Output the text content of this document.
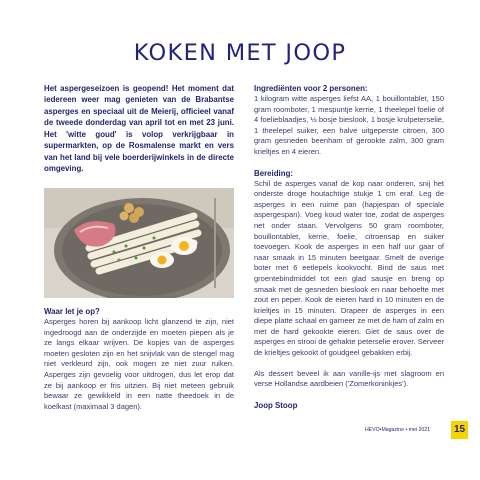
KOKEN MET JOOP

Het aspergeseizoen is geopend! Het moment dat iedereen weer mag genieten van de Brabantse asperges en speciaal uit de Meierij, officieel vanaf de tweede donderdag van april tot en met 23 juni. Het 'witte goud' is volop verkrijgbaar in supermarkten, op de Rosmalense markt en vers van het land bij vele boerderijwinkels in de directe omgeving.

Waar let je op?

Asperges horen bij aankoop licht glanzend te zijn, niet ingedroogd aan de onderzijde en moeten piepen als je ze langs elkaar wrijven. De kopjes van de asperges moeten gesloten zijn en het snijvlak van de stengel mag niet verkleurd zijn, ook mogen ze niet zuur ruiken. Asperges zijn gevoelig voor uitdrogen, dus let erop dat ze bij aankoop er fris uitzien. Bij niet meteen gebruik bewaar ze gewikkeld in een natte theedoek in de koelkast (maximaal 3 dagen).

Ingrediënten voor 2 personen:

1 kilogram witte asperges liefst AA, 1 bouillontablet, 150 gram roomboter, 1 mespuntje kerrie, 1 theelepel foelie of 4 foelieblaadjes, ½ bosje bieslook, 1 bosje krulpeterselie, 1 theelepel suiker, een halve uitgeperste citroen, 300 gram gesneden beenham of gerookte zalm, 300 gram krieltjes en 4 eieren.

Bereiding:

Schil de asperges vanaf de kop naar onderen, snij het onderste droge houtachtige stukje 1 cm eraf. Leg de asperges in een ruime pan (hapjespan of speciale aspergespan). Voeg koud water toe, zodat de asperges net onder staan. Vervolgens 50 gram roomboter, bouillontablet, kerrie, foelie, citroensap en suiker toevoegen. Kook de asperges in een half uur gaar of naar smaak in 15 minuten beetgaar. Smelt de overige boter met 6 eetlepels kookvocht. Bind de saus met groentebindmiddel tot een glad sausje en breng op smaak met de gesneden bieslook en naar behoefte met zout en peper. Kook de eieren hard in 10 minuten en de krieltjes in 15 minuten. Drapeer de asperges in een diepe platte schaal en garneer ze met de ham of zalm en met de hard gekookte eieren. Giet de saus over de asperges en strooi de gehakte peterselie erover. Serveer de krieltjes gekookt of goudgeel gebakken erbij.

Als dessert beveel ik aan vanille-ijs met slagroom en verse Hollandse aardbeien ('Zomerkoninkjes').

Joop Stoop

HEVO•Magazine • mei 2021 15
